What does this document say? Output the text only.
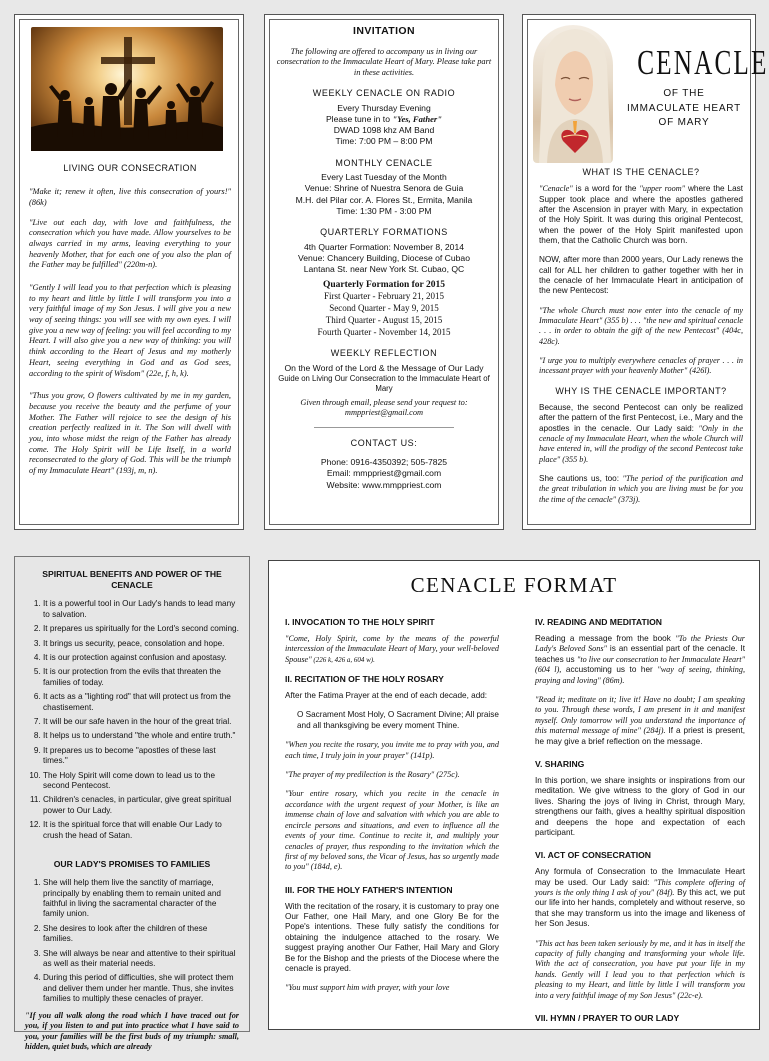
LIVING OUR CONSECRATION

"Make it; renew it often, live this consecration of yours!" (86k)

"Live out each day, with love and faithfulness, the consecration which you have made. Allow yourselves to be always carried in my arms, leaving everything to your heavenly Mother, that for each one of you also the plan of the Father may be fulfilled" (220m-n).

"Gently I will lead you to that perfection which is pleasing to my heart and little by little I will transform you into a very faithful image of my Son Jesus. I will give you a new way of seeing things: you will see with my own eyes. I will give you a new way of feeling: you will feel according to my Heart. I will also give you a new way of thinking: you will think according to the Heart of Jesus and my motherly Heart, seeing everything in God and as God sees, according to the spirit of Wisdom" (22e, f, h, k).

"Thus you grow, O flowers cultivated by me in my garden, because you receive the beauty and the perfume of your Mother. The Father will rejoice to see the design of his creation perfectly realized in it. The Son will dwell with you, into whose midst the reign of the Father has already come. The Holy Spirit will be Life Itself, in a world reconsecrated to the glory of God. This will be the triumph of my Immaculate Heart" (193j, m, n).

INVITATION
The following are offered to accompany us in living our consecration to the Immaculate Heart of Mary. Please take part in these activities.
WEEKLY CENACLE ON RADIO
Every Thursday Evening
Please tune in to "Yes, Father"
DWAD 1098 khz AM Band
Time: 7:00 PM – 8:00 PM
MONTHLY CENACLE
Every Last Tuesday of the Month
Venue: Shrine of Nuestra Senora de Guia
M.H. del Pilar cor. A. Flores St., Ermita, Manila
Time: 1:30 PM - 3:00 PM
QUARTERLY FORMATIONS
4th Quarter Formation: November 8, 2014
Venue: Chancery Building, Diocese of Cubao
Lantana St. near New York St. Cubao, QC
Quarterly Formation for 2015
First Quarter - February 21, 2015
Second Quarter - May 9, 2015
Third Quarter - August 15, 2015
Fourth Quarter - November 14, 2015
WEEKLY REFLECTION
On the Word of the Lord & the Message of Our Lady
Guide on Living Our Consecration to the Immaculate Heart of Mary
Given through email, please send your request to: mmppriest@gmail.com
CONTACT US:
Phone: 0916-4350392; 505-7825
Email: mmppriest@gmail.com
Website: www.mmppriest.com
CENACLE
OF THE
IMMACULATE HEART
OF MARY
WHAT IS THE CENACLE?

"Cenacle" is a word for the "upper room" where the Last Supper took place and where the apostles gathered after the Ascension in prayer with Mary, in expectation of the Holy Spirit. It was during this original Pentecost, when the power of the Holy Spirit manifested upon them, that the Catholic Church was born.

NOW, after more than 2000 years, Our Lady renews the call for ALL her children to gather together with her in the cenacle of her Immaculate Heart in anticipation of the new Pentecost:

"The whole Church must now enter into the cenacle of my Immaculate Heart" (355 b) . . . "the new and spiritual cenacle . . . in order to obtain the gift of the new Pentecost" (404c, 428c).

"I urge you to multiply everywhere cenacles of prayer . . . in incessant prayer with your heavenly Mother" (426l).

WHY IS THE CENACLE IMPORTANT?

Because, the second Pentecost can only be realized after the pattern of the first Pentecost, i.e., Mary and the apostles in the cenacle. Our Lady said: "Only in the cenacle of my Immaculate Heart, when the whole Church will have entered in, will the prodigy of the second Pentecost take place" (355 b).

She cautions us, too: "The period of the purification and the great tribulation in which you are living must be for you the time of the cenacle" (373j).

SPIRITUAL BENEFITS AND POWER OF THE CENACLE
1. It is a powerful tool in Our Lady's hands to lead many to salvation.
2. It prepares us spiritually for the Lord's second coming.
3. It brings us security, peace, consolation and hope.
4. It is our protection against confusion and apostasy.
5. It is our protection from the evils that threaten the families of today.
6. It acts as a "lighting rod" that will protect us from the chastisement.
7. It will be our safe haven in the hour of the great trial.
8. It helps us to understand "the whole and entire truth."
9. It prepares us to become "apostles of these last times."
10. The Holy Spirit will come down to lead us to the second Pentecost.
11. Children's cenacles, in particular, give great spiritual power to Our Lady.
12. It is the spiritual force that will enable Our Lady to crush the head of Satan.
OUR LADY'S PROMISES TO FAMILIES
1. She will help them live the sanctity of marriage, principally by enabling them to remain united and faithful in living the sacramental character of the family union.
2. She desires to look after the children of these families.
3. She will always be near and attentive to their spiritual as well as their material needs.
4. During this period of difficulties, she will protect them and deliver them under her mantle. Thus, she invites families to multiply these cenacles of prayer.

"If you all walk along the road which I have traced out for you, if you listen to and put into practice what I have said to you, your families will be the first buds of my triumph: small, hidden, quiet buds, which are already

CENACLE FORMAT
I. INVOCATION TO THE HOLY SPIRIT

"Come, Holy Spirit, come by the means of the powerful intercession of the Immaculate Heart of Mary, your well-beloved Spouse" (226 k, 426 a, 604 w).

II. RECITATION OF THE HOLY ROSARY

After the Fatima Prayer at the end of each decade, add:

O Sacrament Most Holy, O Sacrament Divine; All praise and all thanksgiving be every moment Thine.

"When you recite the rosary, you invite me to pray with you, and each time, I truly join in your prayer" (141p).

"The prayer of my predilection is the Rosary" (275c).

"Your entire rosary, which you recite in the cenacle in accordance with the urgent request of your Mother, is like an immense chain of love and salvation with which you are able to encircle persons and situations, and even to influence all the events of your time. Continue to recite it, and multiply your cenacles of prayer, thus responding to the invitation which the first of my beloved sons, the Vicar of Jesus, has so urgently made to you" (184d, e).

III. FOR THE HOLY FATHER'S INTENTION

With the recitation of the rosary, it is customary to pray one Our Father, one Hail Mary, and one Glory Be for the Pope's intentions. These fully satisfy the conditions for obtaining the indulgence attached to the rosary. We suggest praying another Our Father, Hail Mary and Glory Be for the Bishop and the priests of the Diocese where the cenacle is prayed.

"You must support him with prayer, with your love

IV. READING AND MEDITATION

Reading a message from the book "To the Priests Our Lady's Beloved Sons" is an essential part of the cenacle. It teaches us "to live our consecration to her Immaculate Heart" (604 l), accustoming us to her "way of seeing, thinking, praying and loving" (86m).

"Read it; meditate on it; live it! Have no doubt; I am speaking to you. Through these words, I am present in it and manifest myself. Only tomorrow will you understand the importance of this maternal message of mine" (284j). If a priest is present, he may give a brief reflection on the message.

V. SHARING

In this portion, we share insights or inspirations from our meditation. We give witness to the glory of God in our lives. Sharing the joys of living in Christ, through Mary, strengthens our faith, gives a healthy spiritual disposition and deepens the hope and expectation of each participant.

VI. ACT OF CONSECRATION

Any formula of Consecration to the Immaculate Heart may be used. Our Lady said: "This complete offering of yours is the only thing I ask of you" (84f). By this act, we put our life into her hands, completely and without reserve, so that she may transform us into the image and likeness of her Son Jesus.

"This act has been taken seriously by me, and it has in itself the capacity of fully changing and transforming your whole life. With the act of consecration, you have put your life in my hands. Gently will I lead you to that perfection which is pleasing to my Heart, and little by little I will transform you into a very faithful image of my Son Jesus" (22c-e).

VII. HYMN / PRAYER TO OUR LADY
